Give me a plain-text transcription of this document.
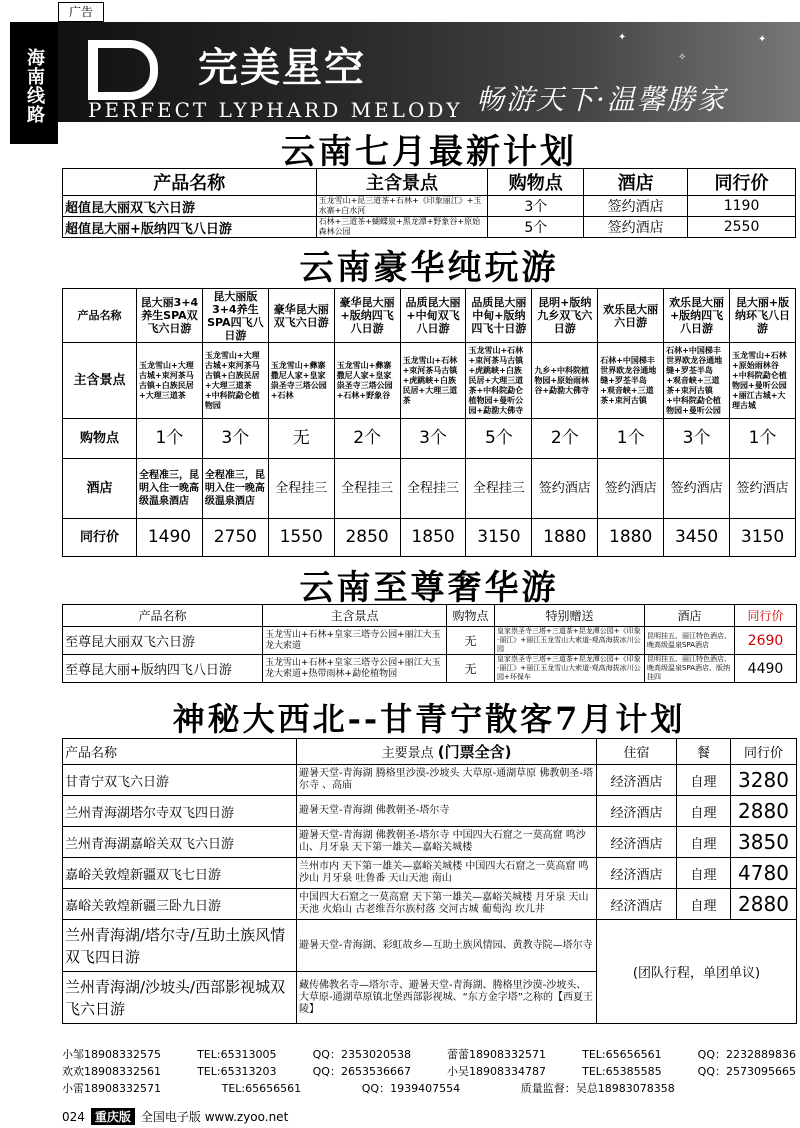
广告
海南线路	完美星空
PERFECT LYPHARD MELODY 畅游天下·温馨勝家
✦
✧
✦
云南七月最新计划
产品名称	主含景点	购物点	酒店	同行价
超值昆大丽双飞六日游	玉龙雪山+昆三道茶+石林+《印象丽江》+玉水寨+白水河	3个	签约酒店	1190
超值昆大丽+版纳四飞八日游	石林+三道茶+蝴蝶泉+黑龙潭+野象谷+原始森林公园	5个	签约酒店	2550
云南豪华纯玩游
产品名称	昆大丽3+4养生SPA双飞六日游	昆大丽版3+4养生SPA四飞八日游	豪华昆大丽双飞六日游	豪华昆大丽+版纳四飞八日游	品质昆大丽+中甸双飞八日游	品质昆大丽中甸+版纳四飞十日游	昆明+版纳九乡双飞六日游	欢乐昆大丽六日游	欢乐昆大丽+版纳四飞八日游	昆大丽+版纳环飞八日游
主含景点	玉龙雪山+大理古城+束河茶马古镇+白族民居+大理三道茶	玉龙雪山+大理古城+束河茶马古镇+白族民居+大理三道茶+中科院勐仑植物园	玉龙雪山+彝寨撒尼人家+皇家祟圣寺三塔公园+石林	玉龙雪山+彝寨撒尼人家+皇家祟圣寺三塔公园+石林+野象谷	玉龙雪山+石林+束河茶马古镇+虎跳峡+白族民居+大理三道茶	玉龙雪山+石林+束河茶马古镇+虎跳峡+白族民居+大理三道茶+中科院勐仑植物园+曼听公园+勐泐大佛寺	九乡+中科院植物园+原始雨林谷+勐泐大佛寺	石林+中国梯丰世界欧龙谷通地缝+罗荃半岛+观音峡+三道茶+束河古镇	石林+中国梯丰世界欧龙谷通地缝+罗荃半岛+观音峡+三道茶+束河古镇+中科院勐仑植物园+曼听公园	玉龙雪山+石林+原始雨林谷+中科院勐仑植物园+曼听公园+丽江古城+大理古城
购物点	1个	3个	无	2个	3个	5个	2个	1个	3个	1个
酒店	全程准三，昆明入住一晚高级温泉酒店	全程准三，昆明入住一晚高级温泉酒店	全程挂三	全程挂三	全程挂三	全程挂三	签约酒店	签约酒店	签约酒店	签约酒店
同行价	1490	2750	1550	2850	1850	3150	1880	1880	3450	3150
云南至尊奢华游
产品名称	主含景点	购物点	特别赠送	酒店	同行价
至尊昆大丽双飞六日游	玉龙雪山+石林+皇家三塔寺公园+丽江大玉龙大索道	无	皇家祟圣寺三塔+三道茶+昆龙潭公园+《印象·丽江》+丽江玉龙雪山大索道-观高海拔冰川公园	昆明挂五、丽江特色酒店、晚高级温泉SPA酒店	2690
至尊昆大丽+版纳四飞八日游	玉龙雪山+石林+皇家三塔寺公园+丽江大玉龙大索道+热带雨林+勐伦植物园	无	皇家祟圣寺三塔+三道茶+昆龙潭公园+《印象·丽江》+丽江玉龙雪山大索道-观高海拔冰川公园+环保车	昆明挂五、丽江特色酒店、晚高级温泉SPA酒店、版纳挂四	4490
神秘大西北--甘青宁散客7月计划
产品名称	主要景点 (门票全含)	住宿	餐	同行价
甘青宁双飞六日游	避暑天堂-青海湖 腾格里沙漠-沙坡头 大草原-通湖草原 佛教朝圣-塔尔寺 、高庙	经济酒店	自理	3280
兰州青海湖塔尔寺双飞四日游	避暑天堂-青海湖 佛教朝圣-塔尔寺	经济酒店	自理	2880
兰州青海湖嘉峪关双飞六日游	避暑天堂-青海湖 佛教朝圣-塔尔寺 中国四大石窟之一莫高窟 鸣沙山、月牙泉 天下第一雄关—嘉峪关城楼	经济酒店	自理	3850
嘉峪关敦煌新疆双飞七日游	兰州市内 天下第一雄关—嘉峪关城楼 中国四大石窟之一莫高窟 鸣沙山 月牙泉 吐鲁番 天山天池 南山	经济酒店	自理	4780
嘉峪关敦煌新疆三卧九日游	中国四大石窟之一莫高窟 天下第一雄关—嘉峪关城楼 月牙泉 天山天池 火焰山 古老维吾尔族村落 交河古城 葡萄沟 坎儿井	经济酒店	自理	2880
兰州青海湖/塔尔寺/互助土族风情双飞四日游	避暑天堂-青海湖、彩虹故乡—互助土族风情园、黄教寺院—塔尔寺	(团队行程，单团单议)		
兰州青海湖/沙坡头/西部影视城双飞六日游	藏传佛教名寺—塔尔寺、避暑天堂-青海湖、腾格里沙漠-沙坡头、大草原-通湖草原镇北堡西部影视城、“东方金字塔”之称的【西夏王陵】			
小邹18908332575	TEL:65313005	QQ：2353020538	蕾蕾18908332571	TEL:65656561	QQ：2232889836
欢欢18908332561	TEL:65313203	QQ：2653536667	小吴18908334787	TEL:65385585	QQ：2573095665
小雷18908332571	TEL:65656561	QQ：1939407554	质量监督：吴总18983078358
024 重庆版 全国电子版 www.zyoo.net
